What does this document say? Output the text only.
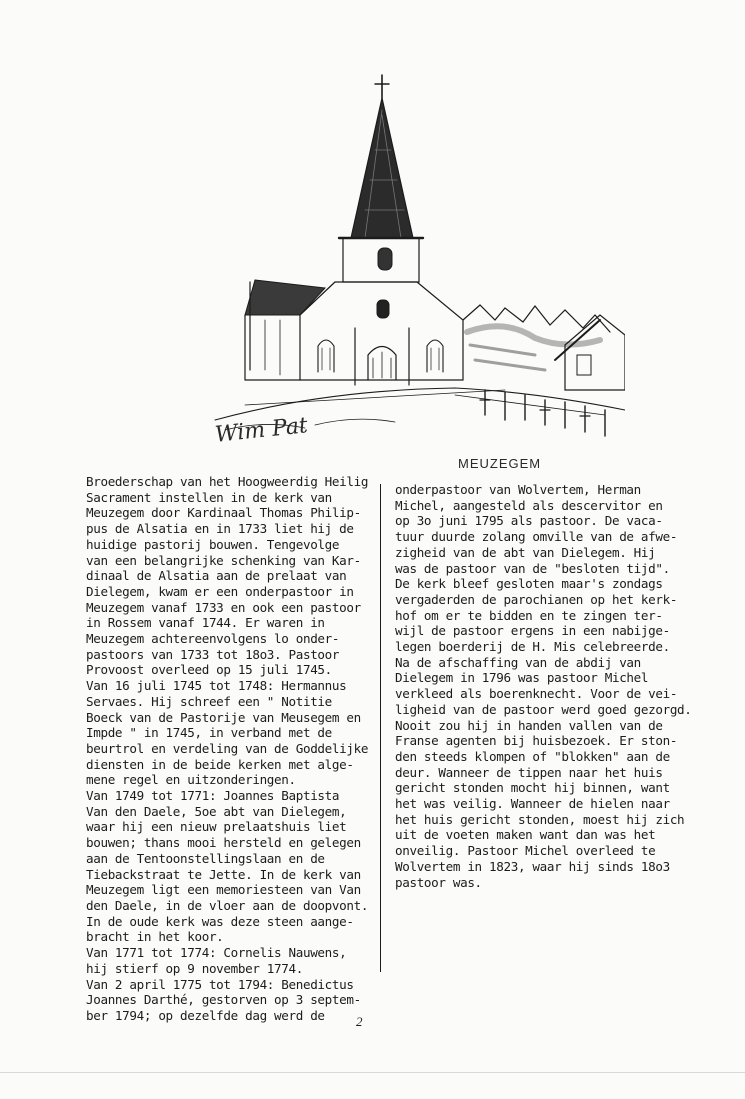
Wim Pat
MEUZEGEM
Broederschap van het Hoogweerdig Heilig
Sacrament instellen in de kerk van
Meuzegem door Kardinaal Thomas Philip-
pus de Alsatia en in 1733 liet hij de
huidige pastorij bouwen. Tengevolge
van een belangrijke schenking van Kar-
dinaal de Alsatia aan de prelaat van
Dielegem, kwam er een onderpastoor in
Meuzegem vanaf 1733 en ook een pastoor
in Rossem vanaf 1744. Er waren in
Meuzegem achtereenvolgens lo onder-
pastoors van 1733 tot 18o3. Pastoor
Provoost overleed op 15 juli 1745.
Van 16 juli 1745 tot 1748: Hermannus
Servaes. Hij schreef een " Notitie
Boeck van de Pastorije van Meusegem en
Impde " in 1745, in verband met de
beurtrol en verdeling van de Goddelijke
diensten in de beide kerken met alge-
mene regel en uitzonderingen.
Van 1749 tot 1771: Joannes Baptista
Van den Daele, 5oe abt van Dielegem,
waar hij een nieuw prelaatshuis liet
bouwen; thans mooi hersteld en gelegen
aan de Tentoonstellingslaan en de
Tiebackstraat te Jette. In de kerk van
Meuzegem ligt een memoriesteen van Van
den Daele, in de vloer aan de doopvont.
In de oude kerk was deze steen aange-
bracht in het koor.
Van 1771 tot 1774: Cornelis Nauwens,
hij stierf op 9 november 1774.
Van 2 april 1775 tot 1794: Benedictus
Joannes Darthé, gestorven op 3 septem-
ber 1794; op dezelfde dag werd de
onderpastoor van Wolvertem, Herman
Michel, aangesteld als descervitor en
op 3o juni 1795 als pastoor. De vaca-
tuur duurde zolang omville van de afwe-
zigheid van de abt van Dielegem. Hij
was de pastoor van de "besloten tijd".
De kerk bleef gesloten maar's zondags
vergaderden de parochianen op het kerk-
hof om er te bidden en te zingen ter-
wijl de pastoor ergens in een nabijge-
legen boerderij de H. Mis celebreerde.
Na de afschaffing van de abdij van
Dielegem in 1796 was pastoor Michel
verkleed als boerenknecht. Voor de vei-
ligheid van de pastoor werd goed gezorgd.
Nooit zou hij in handen vallen van de
Franse agenten bij huisbezoek. Er ston-
den steeds klompen of "blokken" aan de
deur. Wanneer de tippen naar het huis
gericht stonden mocht hij binnen, want
het was veilig. Wanneer de hielen naar
het huis gericht stonden, moest hij zich
uit de voeten maken want dan was het
onveilig. Pastoor Michel overleed te
Wolvertem in 1823, waar hij sinds 18o3
pastoor was.
2
